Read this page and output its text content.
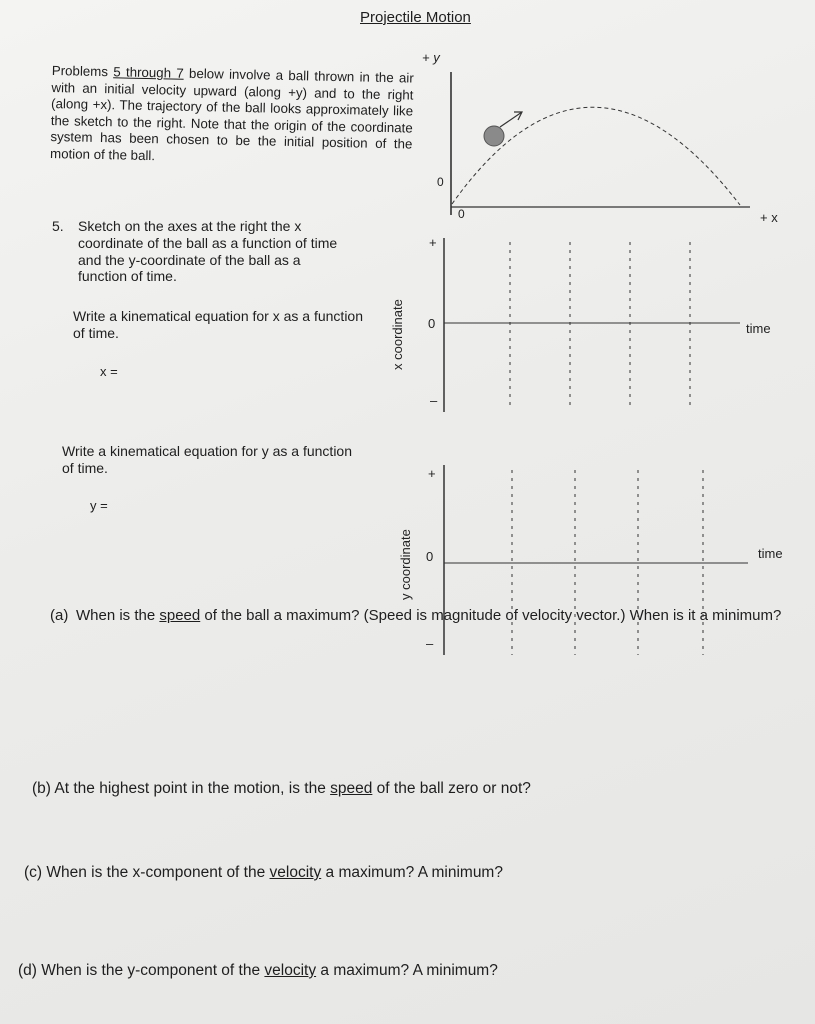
Projectile Motion
Problems 5 through 7 below involve a ball thrown in the air with an initial velocity upward (along +y) and to the right (along +x). The trajectory of the ball looks approximately like the sketch to the right. Note that the origin of the coordinate system has been chosen to be the initial position of the motion of the ball.
5. Sketch on the axes at the right the x coordinate of the ball as a function of time and the y-coordinate of the ball as a function of time.
Write a kinematical equation for x as a function of time.
x =
Write a kinematical equation for y as a function of time.
y =
(a) When is the speed of the ball a maximum? (Speed is magnitude of velocity vector.) When is it a minimum?
(b) At the highest point in the motion, is the speed of the ball zero or not?
(c) When is the x-component of the velocity a maximum? A minimum?
(d) When is the y-component of the velocity a maximum? A minimum?
+ y
0
0	+ x
x coordinate
+
0
–
time
y coordinate
+
0
–
time
